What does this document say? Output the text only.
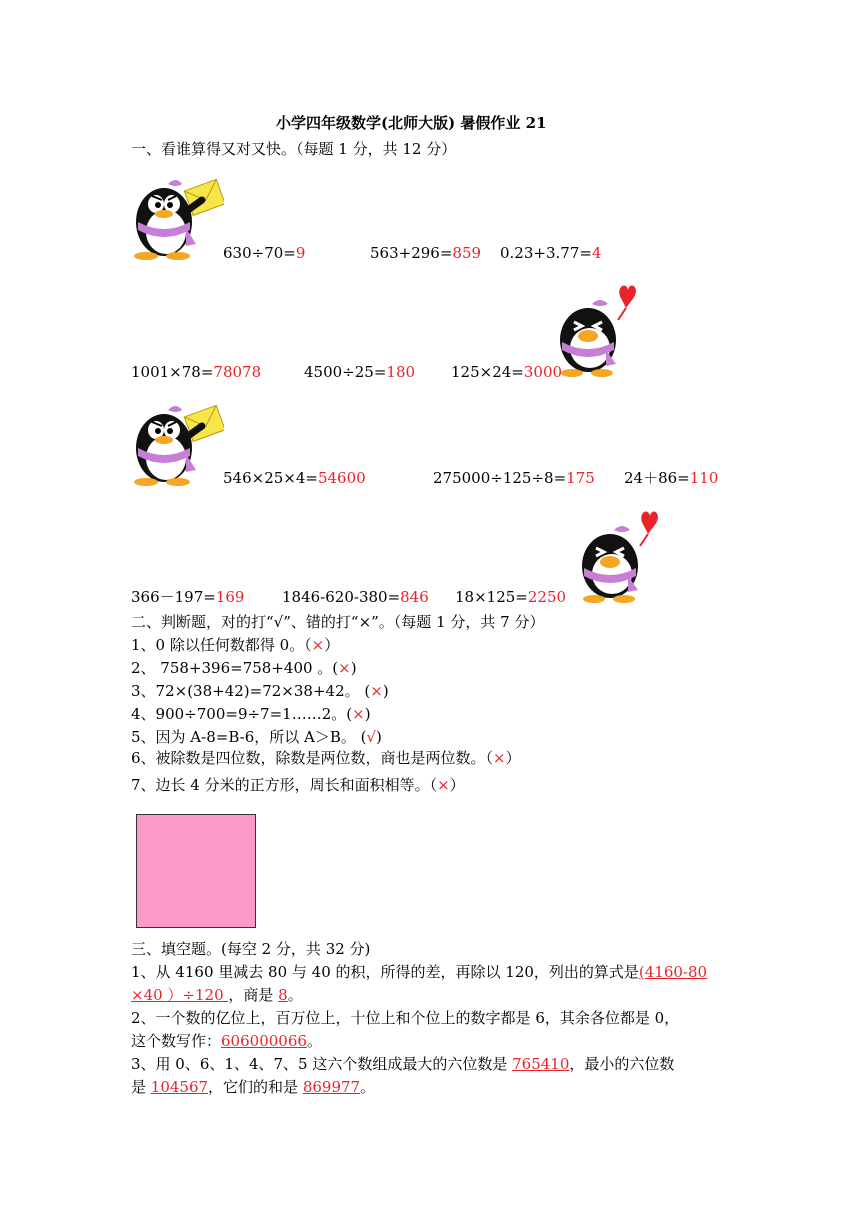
小学四年级数学(北师大版) 暑假作业 21
一、看谁算得又对又快。（每题 1 分，共 12 分）
630÷70=9	563+296=859 0.23+3.77=4
1001×78=78078	4500÷25=180 125×24=3000
546×25×4=54600	275000÷125÷8=175 24＋86=110
366－197=169	1846-620-380=846 18×125=2250
二、判断题，对的打“√”、错的打“×”。（每题 1 分，共 7 分）
1、0 除以任何数都得 0。（×）
2、 758+396=758+400 。(×)
3、72×(38+42)=72×38+42。 (×)
4、900÷700=9÷7=1……2。(×)
5、因为 A-8=B-6，所以 A＞B。 (√)
6、被除数是四位数，除数是两位数，商也是两位数。（×）
7、边长 4 分米的正方形，周长和面积相等。（×）
三、填空题。(每空 2 分，共 32 分)
1、从 4160 里减去 80 与 40 的积，所得的差，再除以 120，列出的算式是(4160-80
×40 ）÷120 ，商是 8。
2、一个数的亿位上，百万位上，十位上和个位上的数字都是 6，其余各位都是 0，
这个数写作：606000066。
3、用 0、6、1、4、7、5 这六个数组成最大的六位数是 765410，最小的六位数
是 104567，它们的和是 869977。
